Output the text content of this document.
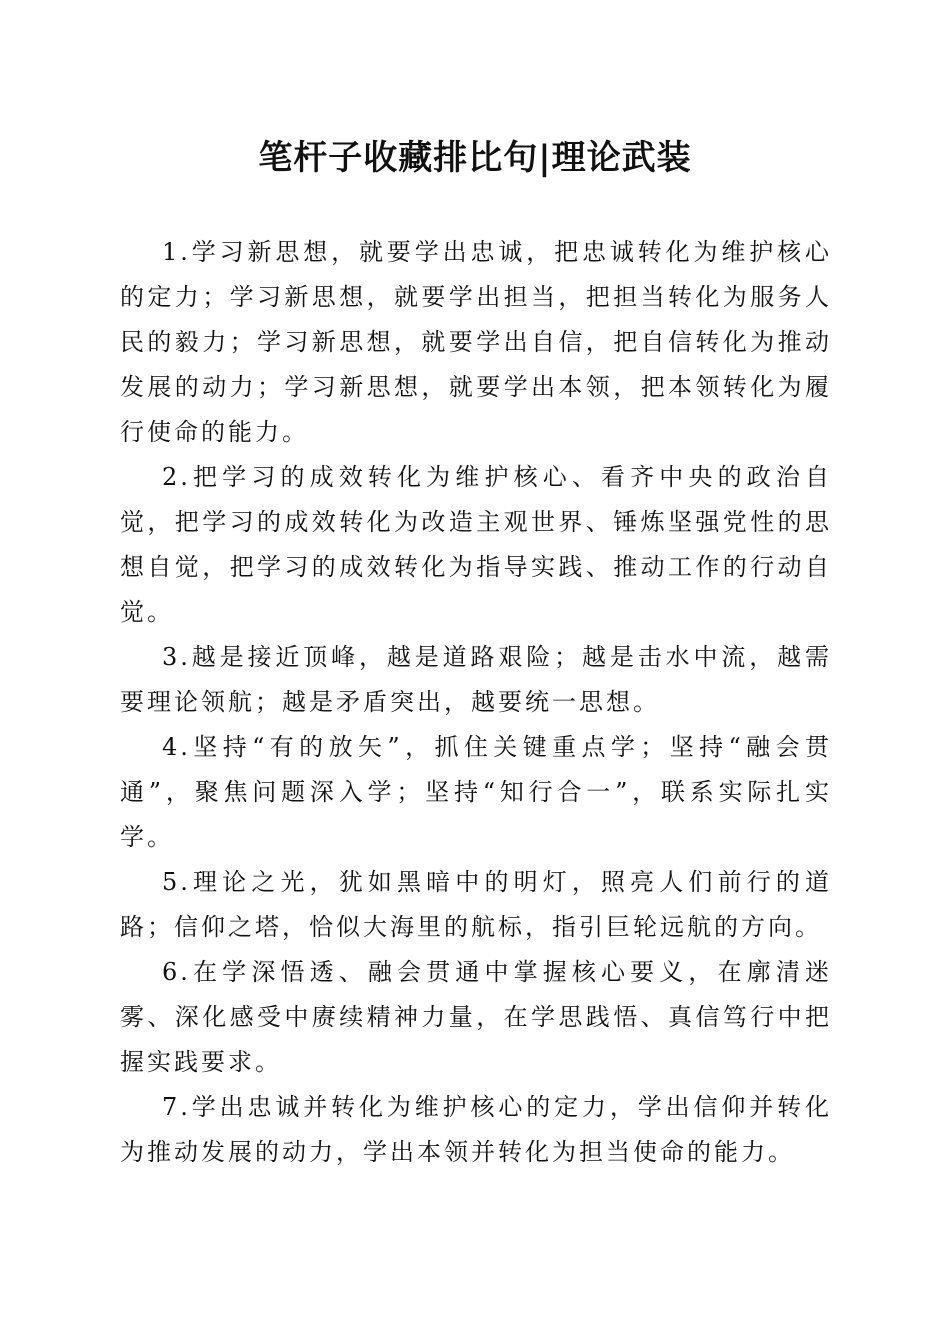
笔杆子收藏排比句|理论武装

1.学习新思想，就要学出忠诚，把忠诚转化为维护核心的定力；学习新思想，就要学出担当，把担当转化为服务人民的毅力；学习新思想，就要学出自信，把自信转化为推动发展的动力；学习新思想，就要学出本领，把本领转化为履行使命的能力。

2.把学习的成效转化为维护核心、看齐中央的政治自觉，把学习的成效转化为改造主观世界、锤炼坚强党性的思想自觉，把学习的成效转化为指导实践、推动工作的行动自觉。

3.越是接近顶峰，越是道路艰险；越是击水中流，越需要理论领航；越是矛盾突出，越要统一思想。

4.坚持“有的放矢”，抓住关键重点学；坚持“融会贯通”，聚焦问题深入学；坚持“知行合一”，联系实际扎实学。

5.理论之光，犹如黑暗中的明灯，照亮人们前行的道路；信仰之塔，恰似大海里的航标，指引巨轮远航的方向。

6.在学深悟透、融会贯通中掌握核心要义，在廓清迷雾、深化感受中赓续精神力量，在学思践悟、真信笃行中把握实践要求。

7.学出忠诚并转化为维护核心的定力，学出信仰并转化为推动发展的动力，学出本领并转化为担当使命的能力。
